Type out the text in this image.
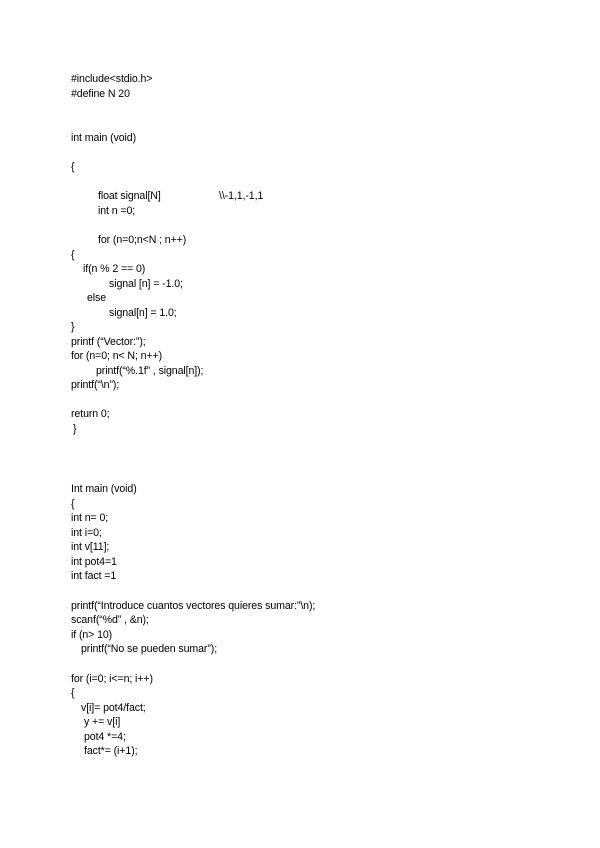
#include<stdio.h>
#define N 20
int main (void)
{
float signal[N]	\\-1,1,-1,1
int n =0;
for (n=0;n<N ; n++)
{
if(n % 2 == 0)
signal [n] = -1.0;
else
signal[n] = 1.0;
}
printf (“Vector:”);
for (n=0; n< N; n++)
printf(“%.1f” , signal[n]);
printf(“\n”);
return 0;
}
Int main (void)
{
int n= 0;
int i=0;
int v[11];
int pot4=1
int fact =1
printf(“Introduce cuantos vectores quieres sumar:”\n);
scanf(“%d” , &n);
if (n> 10)
printf(“No se pueden sumar”);
for (i=0; i<=n; i++)
{
v[i]= pot4/fact;
y += v[i]
pot4 *=4;
fact*= (i+1);
